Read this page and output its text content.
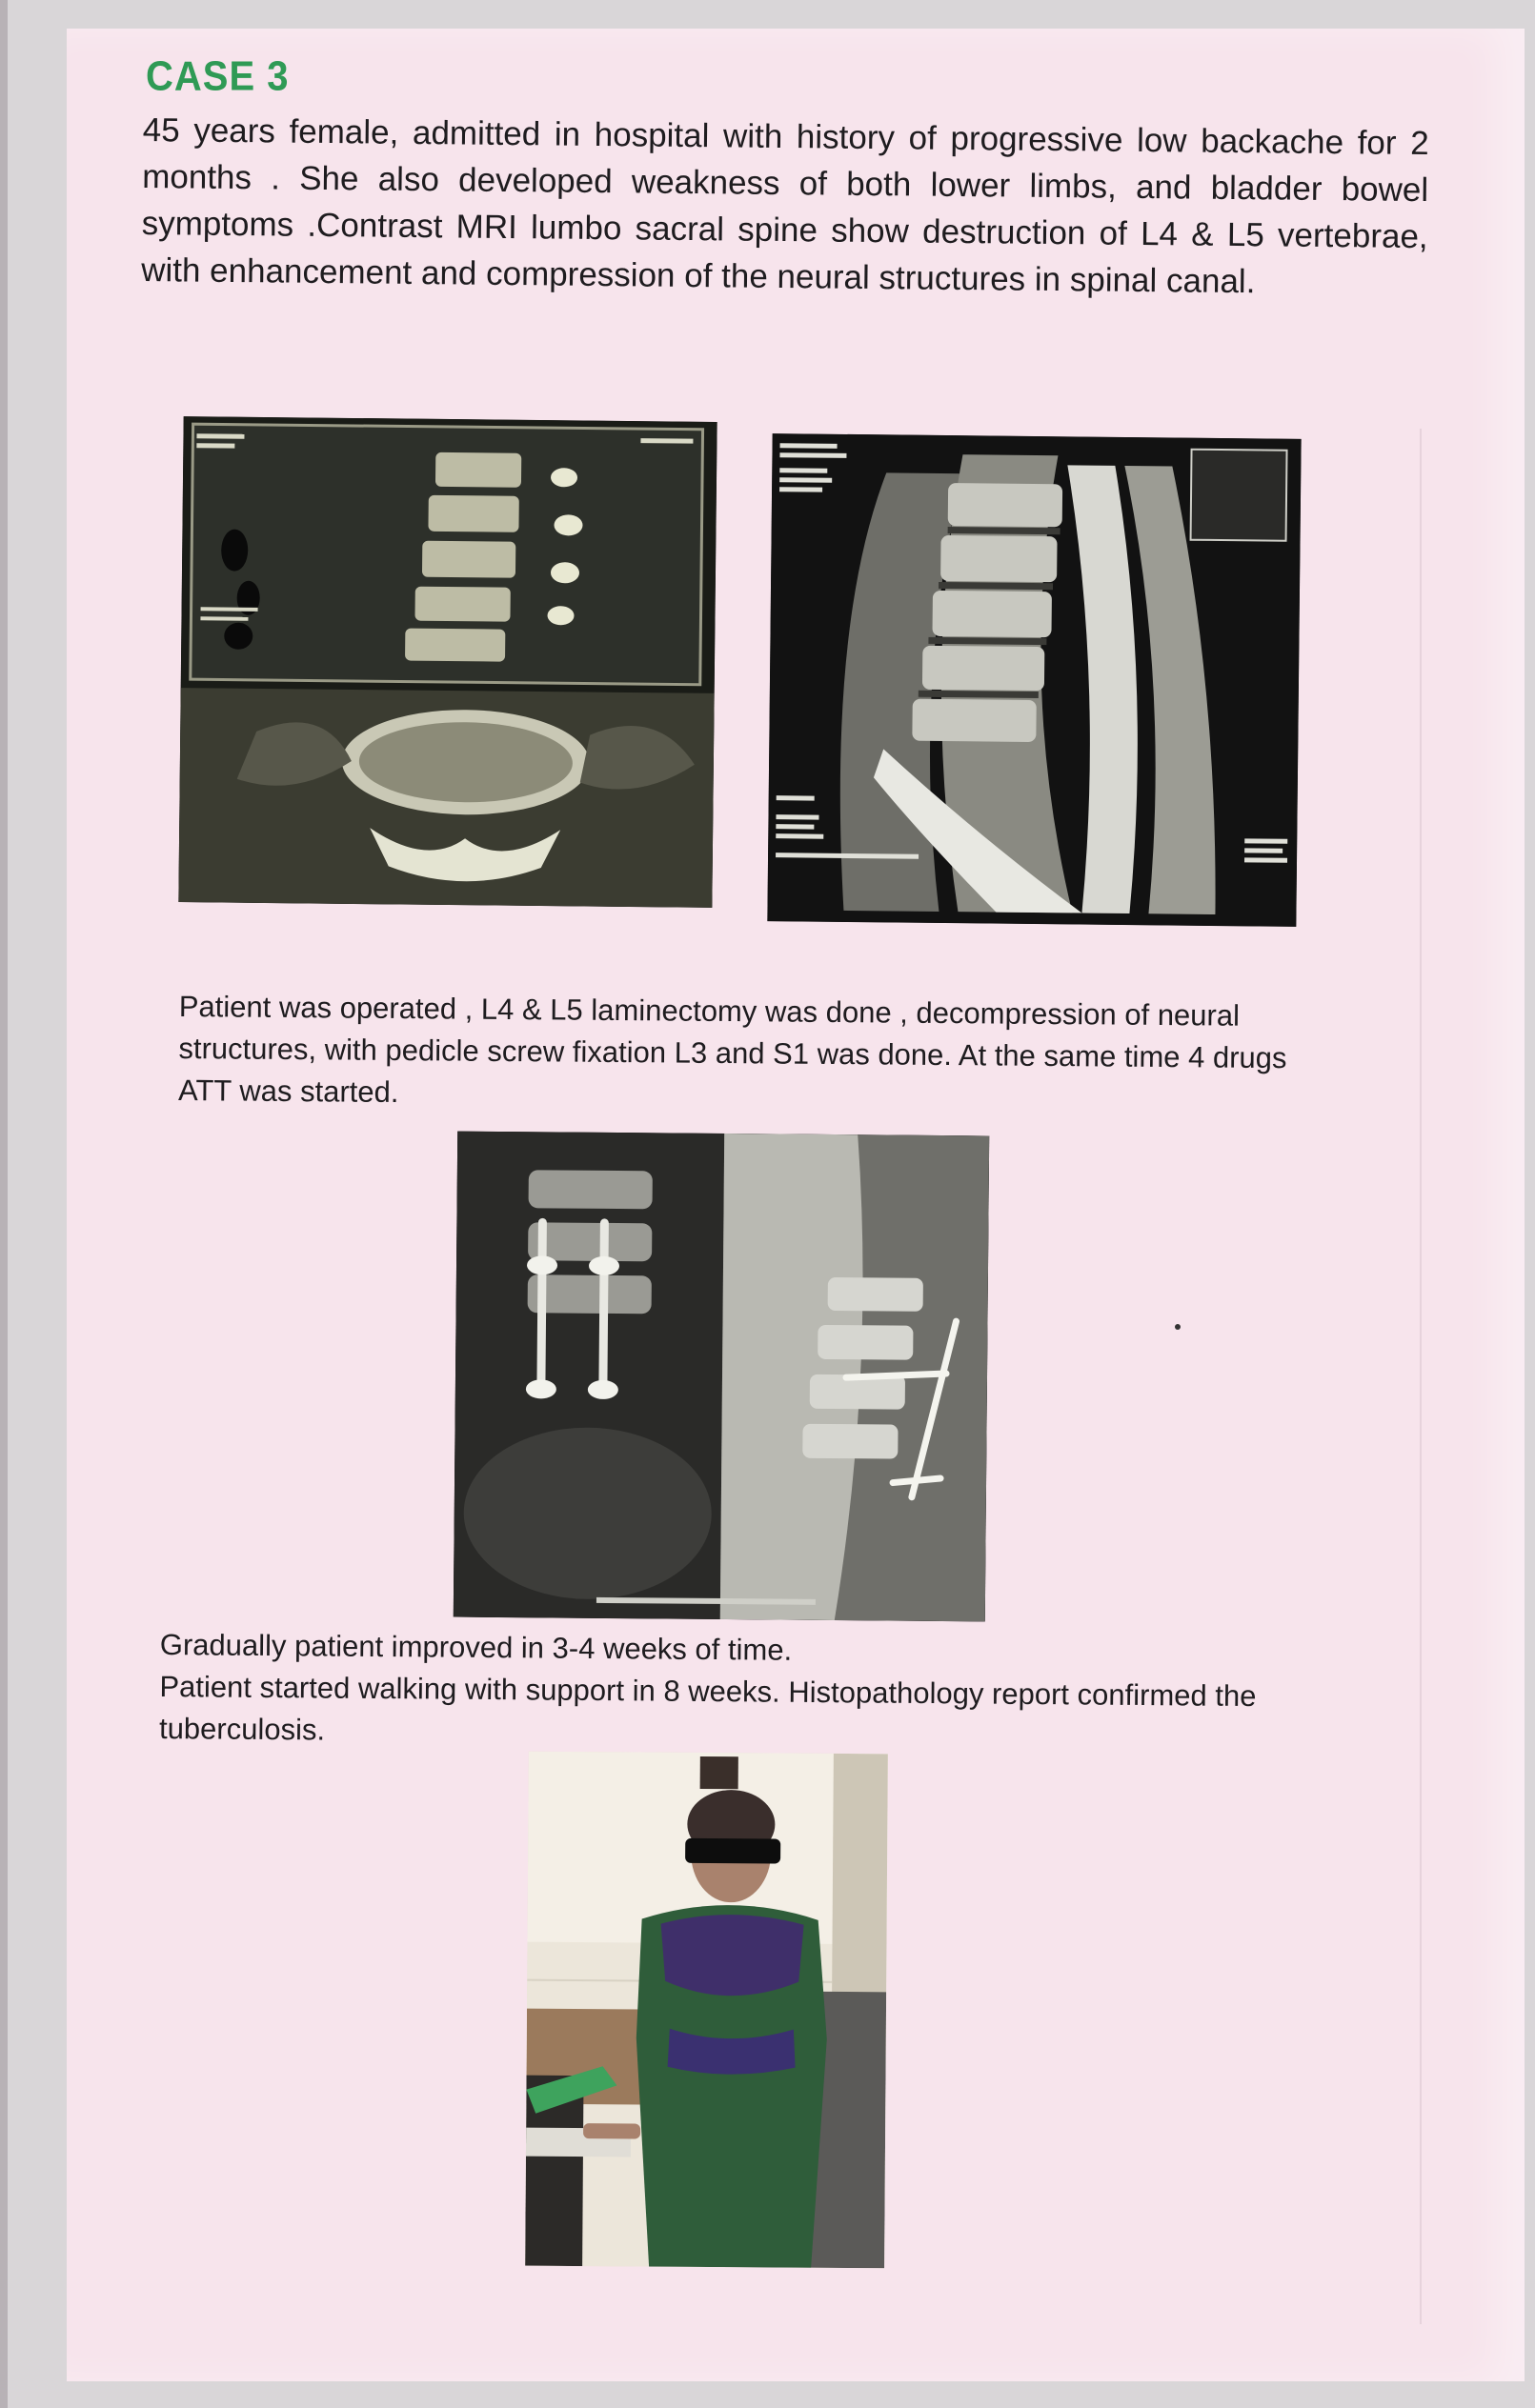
CASE 3
45 years female, admitted in hospital with history of progressive low backache for 2 months . She also developed weakness of both lower limbs, and bladder bowel symptoms .Contrast MRI lumbo sacral spine show destruction of L4 & L5 vertebrae, with enhancement and compression of the neural structures in spinal canal.
Patient was operated , L4 & L5 laminectomy was done , decompression of neural structures, with pedicle screw fixation L3 and S1 was done. At the same time 4 drugs ATT was started.
Gradually patient improved in 3-4 weeks of time.
Patient started walking with support in 8 weeks. Histopathology report confirmed the tuberculosis.
